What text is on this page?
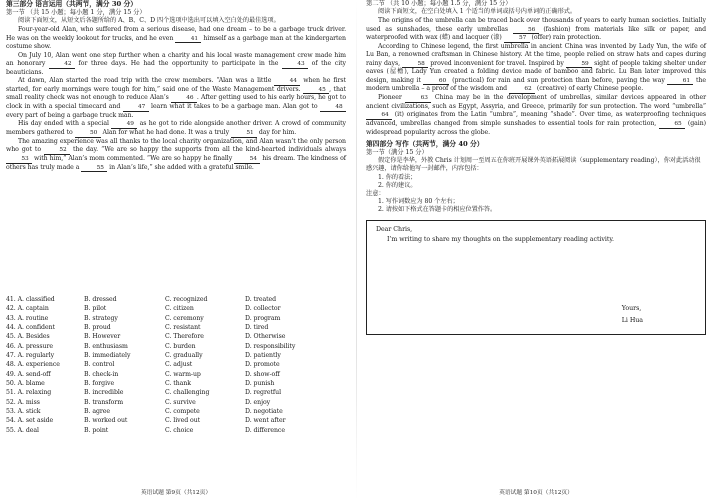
第三部分 语言运用（共两节，满分 30 分）

第一节 （共 15 小题；每小题 1 分，满分 15 分）

阅读下面短文，从短文后各题所给的 A、B、C、D 四个选项中选出可以填入空白处的最佳选项。

Four-year-old Alan, who suffered from a serious disease, had one dream – to be a garbage truck driver. He was on the weekly lookout for trucks, and he even	41 himself as a garbage man at the kindergarten costume show.

On July 10, Alan went one step further when a charity and his local waste management crew made him an honorary	42 for three days. He had the opportunity to participate in the	43 of the city beauticians.

At dawn, Alan started the road trip with the crew members. “Alan was a little	44 when he first started, for early mornings were tough for him,” said one of the Waste Management drivers.	45 , that small reality check was not enough to reduce Alan’s	46 . After getting used to his early hours, he got to clock in with a special timecard and	47 learn what it takes to be a garbage man. Alan got to	48 every part of being a garbage truck man.

His day ended with a special	49 as he got to ride alongside another driver. A crowd of community members gathered to	50 Alan for what he had done. It was a truly	51 day for him.

The amazing experience was all thanks to the local charity organization, and Alan wasn’t the only person who got to	52 the day. “We are so happy the supports from all the kind-hearted individuals always 53 with him,” Alan’s mom commented. “We are so happy he finally	54 his dream. The kindness of others has truly made a	55 in Alan’s life,” she added with a grateful smile.

41. A. classified	B. dressed	C. recognized	D. treated
42. A. captain	B. pilot	C. citizen	D. collector
43. A. routine	B. strategy	C. ceremony	D. program
44. A. confident	B. proud	C. resistant	D. tired
45. A. Besides	B. However	C. Therefore	D. Otherwise
46. A. pressure	B. enthusiasm	C. burden	D. responsibility
47. A. regularly	B. immediately	C. gradually	D. patiently
48. A. experience	B. control	C. adjust	D. promote
49. A. send-off	B. check-in	C. warm-up	D. show-off
50. A. blame	B. forgive	C. thank	D. punish
51. A. relaxing	B. incredible	C. challenging	D. regretful
52. A. miss	B. transform	C. survive	D. enjoy
53. A. stick	B. agree	C. compete	D. negotiate
54. A. set aside	B. worked out	C. lived out	D. went after
55. A. deal	B. point	C. choice	D. difference
英语试题 第9页（共12页）

第二节 （共 10 小题；每小题 1.5 分，满分 15 分）

阅读下面短文，在空白处填入 1 个适当的单词或括号内单词的正确形式。

The origins of the umbrella can be traced back over thousands of years to early human societies. Initially used as sunshades, these early umbrellas	56 (fashion) from materials like silk or paper, and waterproofed with wax (蜡) and lacquer (漆)	57 (offer) rain protection.

According to Chinese legend, the first umbrella in ancient China was invented by Lady Yun, the wife of Lu Ban, a renowned craftsman in Chinese history. At the time, people relied on straw hats and capes during rainy days,	58 proved inconvenient for travel. Inspired by	59 sight of people taking shelter under eaves (屋檐), Lady Yun created a folding device made of bamboo and fabric. Lu Ban later improved this design, making it	60 (practical) for rain and sun protection than before, paving the way	61 the modern umbrella – a proof of the wisdom and	62 (creative) of early Chinese people.

Pioneer	63 China may be in the development of umbrellas, similar devices appeared in other ancient civilizations, such as Egypt, Assyria, and Greece, primarily for sun protection. The word “umbrella” 64 (it) originates from the Latin “umbra”, meaning “shade”. Over time, as waterproofing techniques advanced, umbrellas changed from simple sunshades to essential tools for rain protection,	65 (gain) widespread popularity across the globe.

第四部分 写作（共两节，满分 40 分）

第一节（满分 15 分）

假定你是李华，外教 Chris 计划周一至周五在你班开展课外英语拓展阅读（supplementary reading），你对此活动很感兴趣，请你给他写一封邮件，内容包括：

1. 你的看法；

2. 你的建议。

注意：

1. 写作词数应为 80 个左右；

2. 请按如下格式在答题卡的相应位置作答。

Dear Chris,

I’m writing to share my thoughts on the supplementary reading activity.

Yours,
Li Hua
英语试题 第10页（共12页）
